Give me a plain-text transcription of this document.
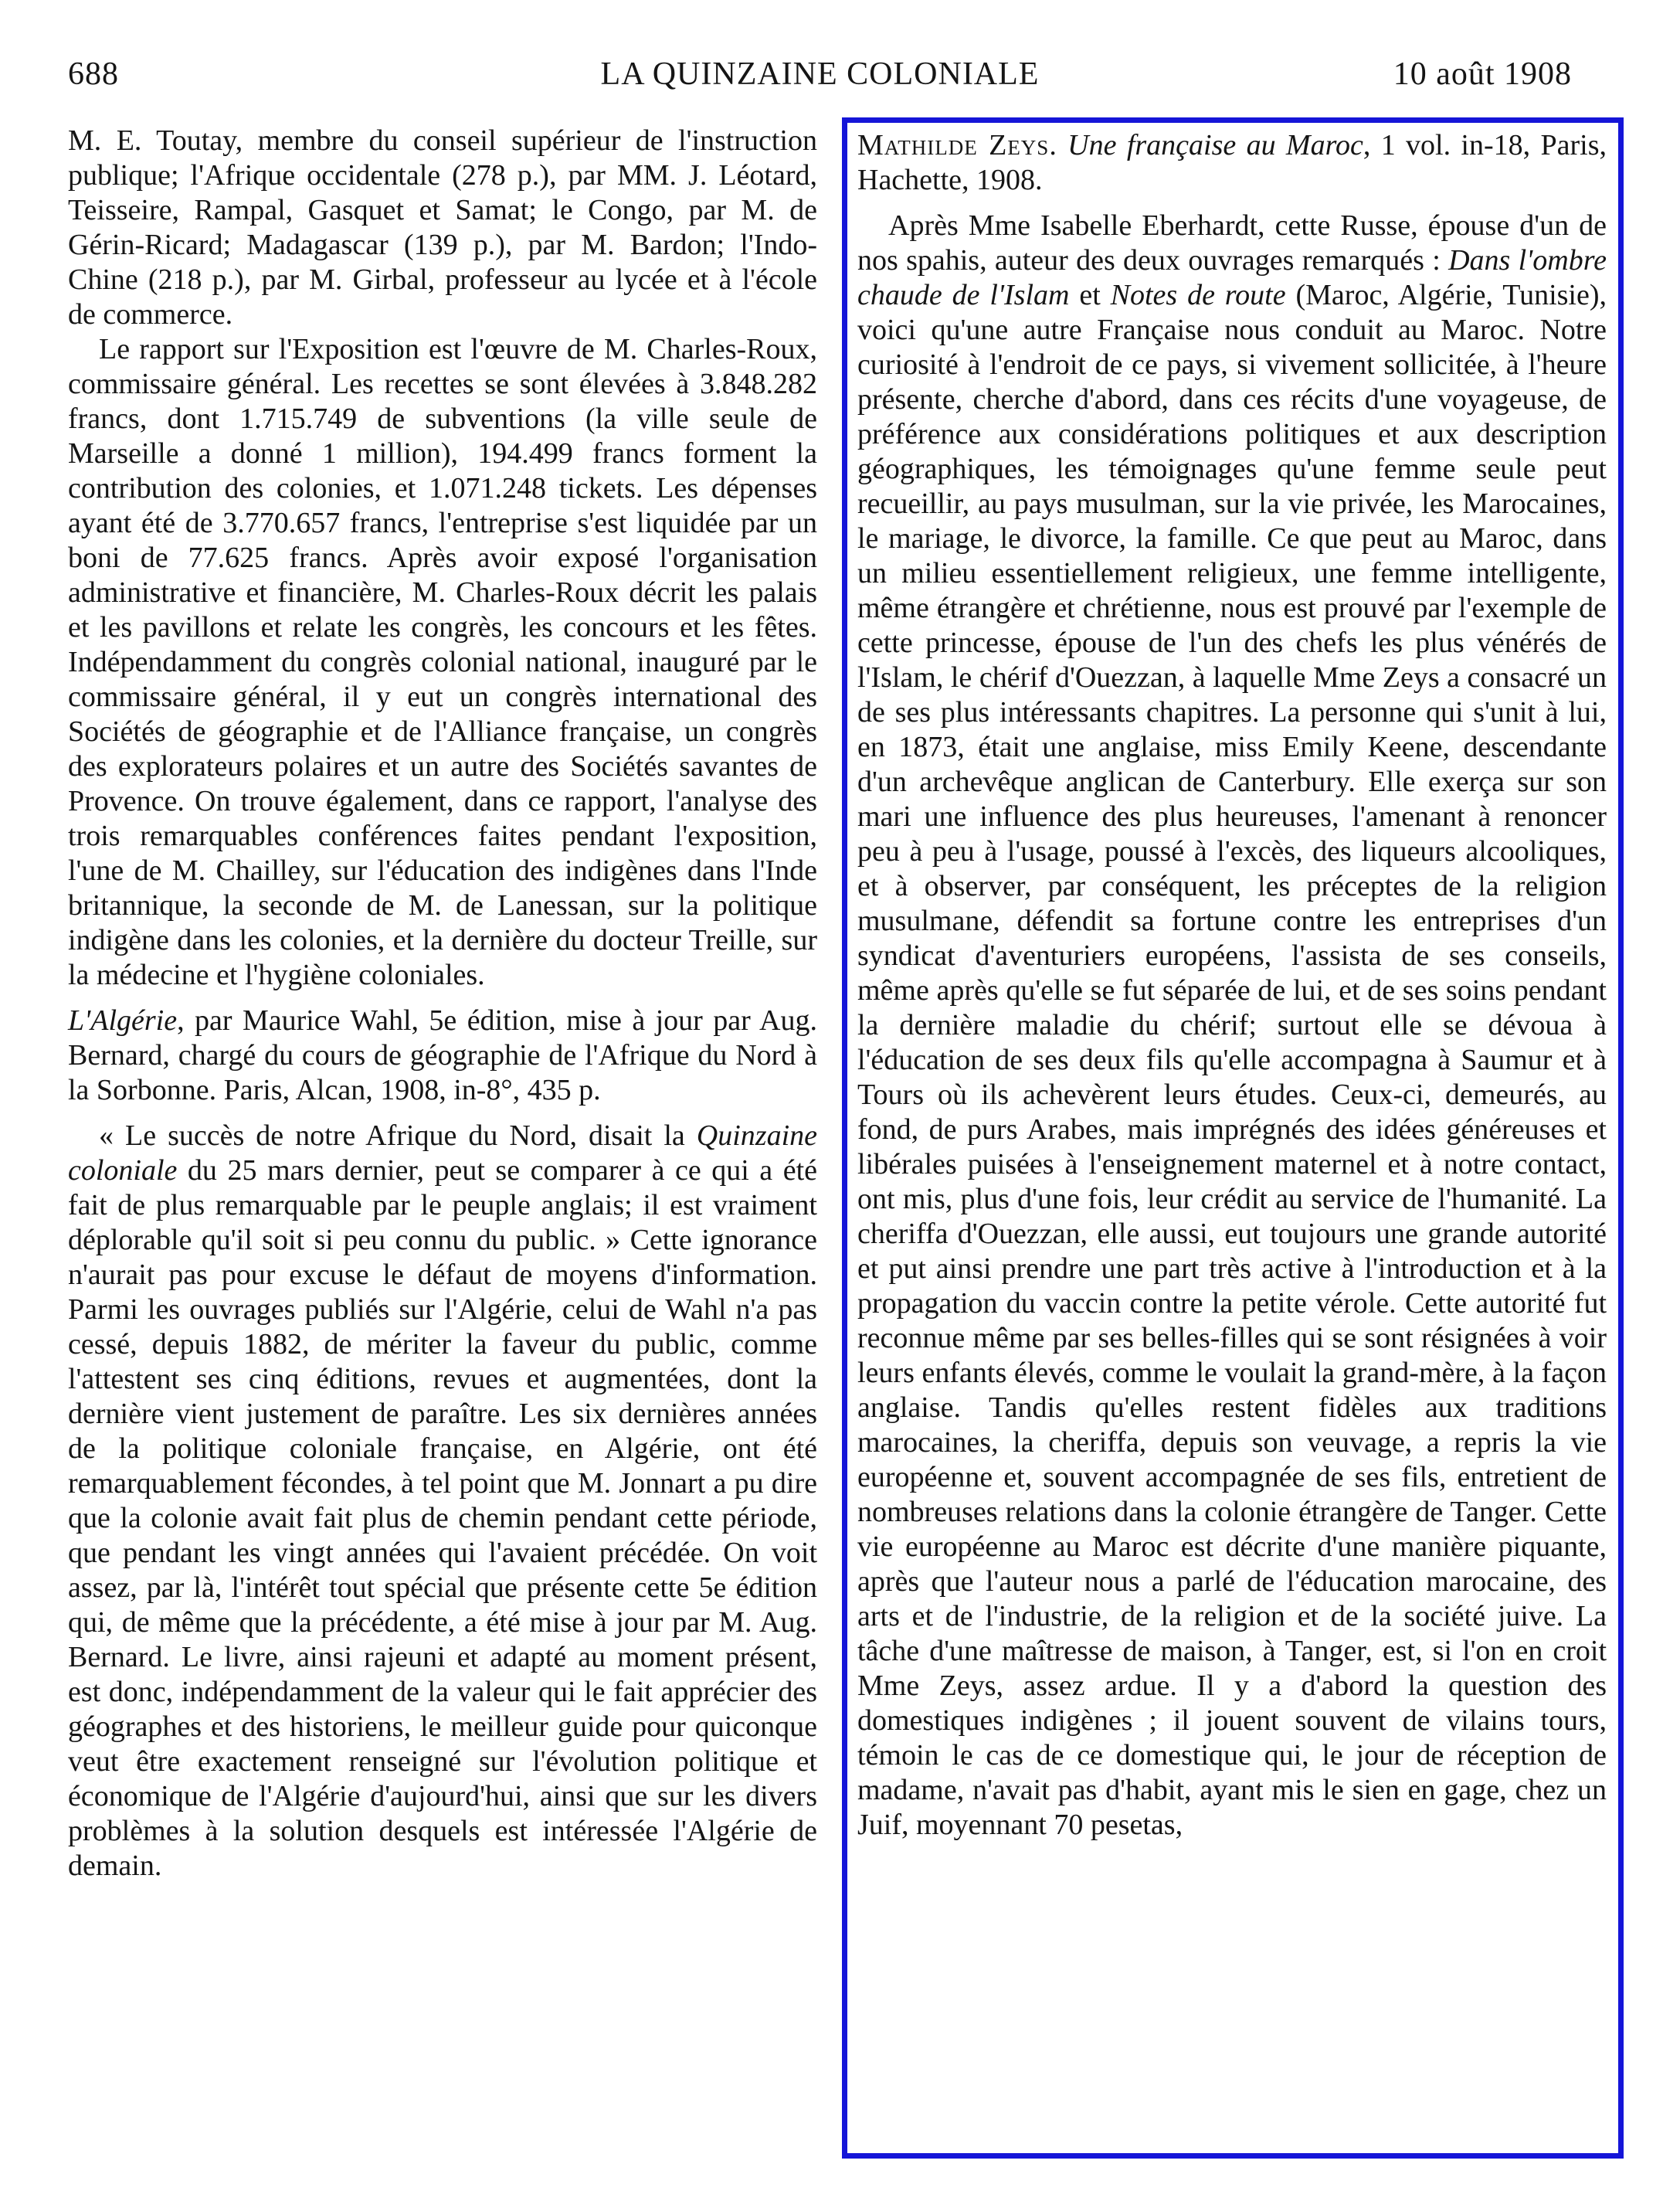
688	LA QUINZAINE COLONIALE	10 août 1908

M. E. Toutay, membre du conseil supérieur de l'instruction publique; l'Afrique occidentale (278 p.), par MM. J. Léotard, Teisseire, Rampal, Gasquet et Samat; le Congo, par M. de Gérin-Ricard; Madagascar (139 p.), par M. Bardon; l'Indo-Chine (218 p.), par M. Girbal, professeur au lycée et à l'école de commerce.

Le rapport sur l'Exposition est l'œuvre de M. Charles-Roux, commissaire général. Les recettes se sont élevées à 3.848.282 francs, dont 1.715.749 de subventions (la ville seule de Marseille a donné 1 million), 194.499 francs forment la contribution des colonies, et 1.071.248 tickets. Les dépenses ayant été de 3.770.657 francs, l'entreprise s'est liquidée par un boni de 77.625 francs. Après avoir exposé l'organisation administrative et financière, M. Charles-Roux décrit les palais et les pavillons et relate les congrès, les concours et les fêtes. Indépendamment du congrès colonial national, inauguré par le commissaire général, il y eut un congrès international des Sociétés de géographie et de l'Alliance française, un congrès des explorateurs polaires et un autre des Sociétés savantes de Provence. On trouve également, dans ce rapport, l'analyse des trois remarquables conférences faites pendant l'exposition, l'une de M. Chailley, sur l'éducation des indigènes dans l'Inde britannique, la seconde de M. de Lanessan, sur la politique indigène dans les colonies, et la dernière du docteur Treille, sur la médecine et l'hygiène coloniales.

L'Algérie, par Maurice Wahl, 5e édition, mise à jour par Aug. Bernard, chargé du cours de géographie de l'Afrique du Nord à la Sorbonne. Paris, Alcan, 1908, in-8°, 435 p.

« Le succès de notre Afrique du Nord, disait la Quinzaine coloniale du 25 mars dernier, peut se comparer à ce qui a été fait de plus remarquable par le peuple anglais; il est vraiment déplorable qu'il soit si peu connu du public. » Cette ignorance n'aurait pas pour excuse le défaut de moyens d'information. Parmi les ouvrages publiés sur l'Algérie, celui de Wahl n'a pas cessé, depuis 1882, de mériter la faveur du public, comme l'attestent ses cinq éditions, revues et augmentées, dont la dernière vient justement de paraître. Les six dernières années de la politique coloniale française, en Algérie, ont été remarquablement fécondes, à tel point que M. Jonnart a pu dire que la colonie avait fait plus de chemin pendant cette période, que pendant les vingt années qui l'avaient précédée. On voit assez, par là, l'intérêt tout spécial que présente cette 5e édition qui, de même que la précédente, a été mise à jour par M. Aug. Bernard. Le livre, ainsi rajeuni et adapté au moment présent, est donc, indépendamment de la valeur qui le fait apprécier des géographes et des historiens, le meilleur guide pour quiconque veut être exactement renseigné sur l'évolution politique et économique de l'Algérie d'aujourd'hui, ainsi que sur les divers problèmes à la solution desquels est intéressée l'Algérie de demain.

Mathilde Zeys. Une française au Maroc, 1 vol. in-18, Paris, Hachette, 1908.

Après Mme Isabelle Eberhardt, cette Russe, épouse d'un de nos spahis, auteur des deux ouvrages remarqués : Dans l'ombre chaude de l'Islam et Notes de route (Maroc, Algérie, Tunisie), voici qu'une autre Française nous conduit au Maroc. Notre curiosité à l'endroit de ce pays, si vivement sollicitée, à l'heure présente, cherche d'abord, dans ces récits d'une voyageuse, de préférence aux considérations politiques et aux description géographiques, les témoignages qu'une femme seule peut recueillir, au pays musulman, sur la vie privée, les Marocaines, le mariage, le divorce, la famille. Ce que peut au Maroc, dans un milieu essentiellement religieux, une femme intelligente, même étrangère et chrétienne, nous est prouvé par l'exemple de cette princesse, épouse de l'un des chefs les plus vénérés de l'Islam, le chérif d'Ouezzan, à laquelle Mme Zeys a consacré un de ses plus intéressants chapitres. La personne qui s'unit à lui, en 1873, était une anglaise, miss Emily Keene, descendante d'un archevêque anglican de Canterbury. Elle exerça sur son mari une influence des plus heureuses, l'amenant à renoncer peu à peu à l'usage, poussé à l'excès, des liqueurs alcooliques, et à observer, par conséquent, les préceptes de la religion musulmane, défendit sa fortune contre les entreprises d'un syndicat d'aventuriers européens, l'assista de ses conseils, même après qu'elle se fut séparée de lui, et de ses soins pendant la dernière maladie du chérif; surtout elle se dévoua à l'éducation de ses deux fils qu'elle accompagna à Saumur et à Tours où ils achevèrent leurs études. Ceux-ci, demeurés, au fond, de purs Arabes, mais imprégnés des idées généreuses et libérales puisées à l'enseignement maternel et à notre contact, ont mis, plus d'une fois, leur crédit au service de l'humanité. La cheriffa d'Ouezzan, elle aussi, eut toujours une grande autorité et put ainsi prendre une part très active à l'introduction et à la propagation du vaccin contre la petite vérole. Cette autorité fut reconnue même par ses belles-filles qui se sont résignées à voir leurs enfants élevés, comme le voulait la grand-mère, à la façon anglaise. Tandis qu'elles restent fidèles aux traditions marocaines, la cheriffa, depuis son veuvage, a repris la vie européenne et, souvent accompagnée de ses fils, entretient de nombreuses relations dans la colonie étrangère de Tanger. Cette vie européenne au Maroc est décrite d'une manière piquante, après que l'auteur nous a parlé de l'éducation marocaine, des arts et de l'industrie, de la religion et de la société juive. La tâche d'une maîtresse de maison, à Tanger, est, si l'on en croit Mme Zeys, assez ardue. Il y a d'abord la question des domestiques indigènes ; il jouent souvent de vilains tours, témoin le cas de ce domestique qui, le jour de réception de madame, n'avait pas d'habit, ayant mis le sien en gage, chez un Juif, moyennant 70 pesetas,
